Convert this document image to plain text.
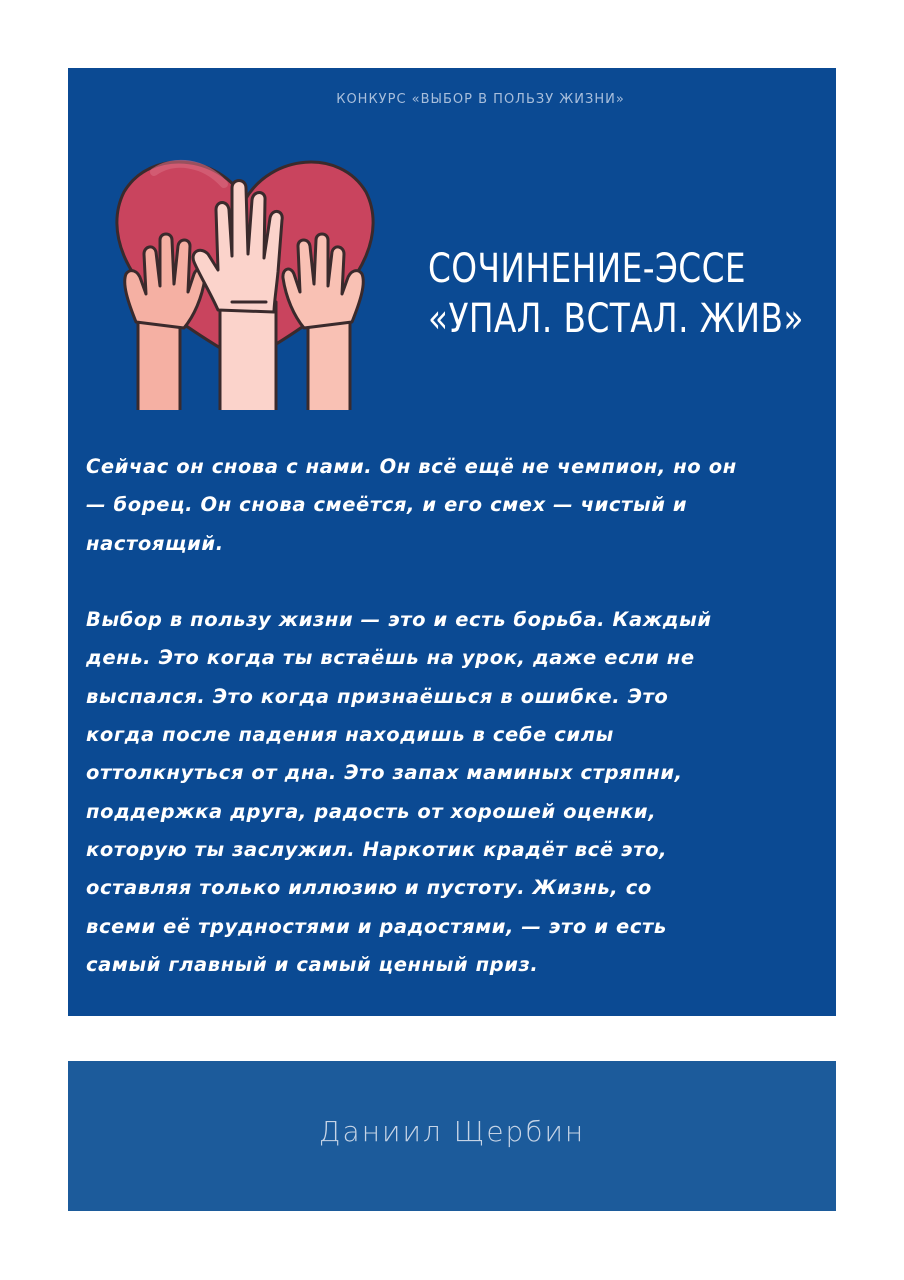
КОНКУРС «ВЫБОР В ПОЛЬЗУ ЖИЗНИ»
СОЧИНЕНИЕ-ЭССЕ
«УПАЛ. ВСТАЛ. ЖИВ»
Сейчас он снова с нами. Он всё ещё не чемпион, но он
— борец. Он снова смеётся, и его смех — чистый и
настоящий.

Выбор в пользу жизни — это и есть борьба. Каждый
день. Это когда ты встаёшь на урок, даже если не
выспался. Это когда признаёшься в ошибке. Это
когда после падения находишь в себе силы
оттолкнуться от дна. Это запах маминых стряпни,
поддержка друга, радость от хорошей оценки,
которую ты заслужил. Наркотик крадёт всё это,
оставляя только иллюзию и пустоту. Жизнь, со
всеми её трудностями и радостями, — это и есть
самый главный и самый ценный приз.
Даниил Щербин
